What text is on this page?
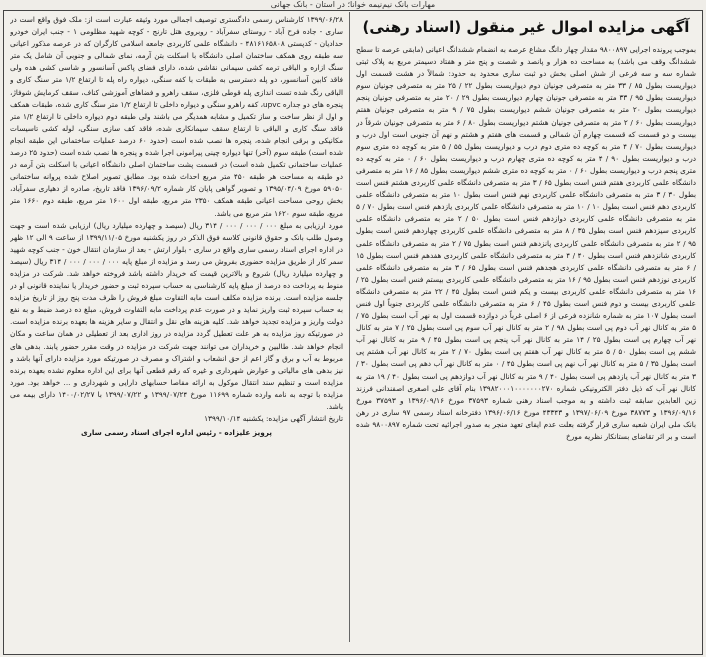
مهارات بانک نیم‌نیمه‌ خوانا؛ در استان - بانک جهانی
آگهی مزایده اموال غیر منقول (اسناد رهنی)

بموجب پرونده اجرایی ۹۸۰۰۸۹۷ مقدار چهار دانگ مشاع عرصه به انضمام ششدانگ اعیانی (مابقی عرصه تا سطح ششدانگ وقف می باشد) به مساحت ده هزار و پانصد و شصت و پنج متر و هفتاد دسیمتر مربع به پلاک ثبتی شماره سه و سه فرعی از شش اصلی بخش دو ثبت ساری محدود به حدود: شمالاً در هشت قسمت اول دیواریست بطول ۸۵ / ۳۳ متر به متصرفی جونیان دوم دیواریست بطول ۲۲ / ۲۵ متر به متصرفی جونیان سوم دیواریست بطول ۹۵ / ۳۳ متر به متصرفی جونیان چهارم دیواریست بطول ۲۹ / ۲۰ متر به متصرفی جونیان پنجم دیواریست بطول ۲۰ متر به متصرفی جونیان ششم دیواریست بطول ۷۵ / ۹ متر به متصرفی جونیان هفتم دیواریست بطول ۶۰ / ۲ متر به متصرفی جونیان هشتم دیواریست بطول ۸۰ / ۶ متر به متصرفی جونیان شرقاً در بیست و دو قسمت که قسمت چهارم آن شمالی و قسمت های هفتم و هشتم و نهم آن جنوبی است اول درب و دیواریست بطول ۷۰ / ۴ متر به کوچه ده متری دوم درب و دیواریست بطول ۵۵ / ۵ متر به کوچه ده متری سوم درب و دیواریست بطول ۹۰ / ۴ متر به کوچه ده متری چهارم درب و دیواریست بطول ۶۰ / ۰ متر به کوچه ده متری پنجم درب و دیواریست بطول ۶۰ / ۰ متر به کوچه ده متری ششم دیواریست بطول ۸۵ / ۱۶ متر به متصرفی دانشگاه علمی کاربردی هفتم فنس است بطول ۶۵ / ۳ متر به متصرفی دانشگاه علمی کاربردی هشتم فنس است بطول ۳۰ / ۳ متر به متصرفی دانشگاه علمی کاربردی نهم فنس است بطول ۱۰ متر به متصرفی دانشگاه علمی کاربردی دهم فنس است بطول ۱۰ / ۱۰ متر به متصرفی دانشگاه علمی کاربردی یازدهم فنس است بطول ۷۰ / ۵ متر به متصرفی دانشگاه علمی کاربردی دوازدهم فنس است بطول ۵۰ / ۲ متر به متصرفی دانشگاه علمی کاربردی سیزدهم فنس است بطول ۳۵ / ۸ متر به متصرفی دانشگاه علمی کاربردی چهاردهم فنس است بطول ۹۵ / ۲ متر به متصرفی دانشگاه علمی کاربردی پانزدهم فنس است بطول ۷۵ / ۲ متر به متصرفی دانشگاه علمی کاربردی شانزدهم فنس است بطول ۴۰ / ۴ متر به متصرفی دانشگاه علمی کاربردی هفدهم فنس است بطول ۱۵ / ۶ متر به متصرفی دانشگاه علمی کاربردی هجدهم فنس است بطول ۶۵ / ۳ متر به متصرفی دانشگاه علمی کاربردی نوزدهم فنس است بطول ۹۵ / ۱۶ متر به متصرفی دانشگاه علمی کاربردی بیستم فنس است بطول ۲۵ / ۱۶ متر به متصرفی دانشگاه علمی کاربردی بیست و یکم فنس است بطول ۴۵ / ۲۲ متر به متصرفی دانشگاه علمی کاربردی بیست و دوم فنس است بطول ۴۵ / ۶ متر به متصرفی دانشگاه علمی کاربردی جنوباً اول فنس است بطول ۱۰۷ متر به شماره شانزده فرعی از ۶ اصلی غرباً در دوازده قسمت اول به نهر آب است بطول ۷۵ / ۵ متر به کانال نهر آب دوم پی است بطول ۹۸ / ۲ متر به کانال نهر آب سوم پی است بطول ۲۵ / ۷ متر به کانال نهر آب چهارم پی است بطول ۲۵ / ۱۴ متر به کانال نهر آب پنجم پی است بطول ۴۵ / ۹ متر به کانال نهر آب ششم پی است بطول ۵۰ / ۵ متر به کانال نهر آب هفتم پی است بطول ۷۰ / ۲ متر به کانال نهر آب هشتم پی است بطول ۳۵ / ۵ متر به کانال نهر آب نهم پی است بطول ۴۵ / ۰ متر به کانال نهر آب دهم پی است بطول ۳۰ / ۳ متر به کانال نهر آب یازدهم پی است بطول ۴۰ / ۹ متر به کانال نهر آب دوازدهم پی است بطول ۴۰ / ۱۹ متر به کانال نهر آب که ذیل دفتر الکترونیکی شماره ۱۳۹۸۲۰۰۰۱۰۰۰۰۰۰۰۲۷۰ بنام آقای علی اصغری اصفندانی فرزند زین العابدین سابقه ثبت داشته و به موجب اسناد رهنی شماره ۳۷۵۹۳ مورخ ۱۳۹۶/۰۹/۱۶ و ۳۷۵۹۳ مورخ ۱۳۹۶/۰۹/۱۶ و ۳۸۷۷۳ مورخ ۱۳۹۷/۰۶/۰۹ و ۴۳۳۴۳ مورخ ۱۳۹۶/۰۶/۱۶ دفترخانه اسناد رسمی ۹۷ ساری در رهن بانک ملی ایران شعبه ساری قرار گرفته بعلت عدم ایفای تعهد منجر به صدور اجرائیه تحت شماره ۹۸۰۰۸۹۷ شده است و بر اثر تقاضای بستانکار نظریه مورخ

۱۳۹۹/۰۶/۲۸ کارشناس رسمی دادگستری توصیف اجمالی مورد وثیقه عبارت است از: ملک فوق واقع است در ساری - جاده فرح آباد - روستای سفرآباد - روبروی هتل تارنج - کوچه شهید مظلومی ۱ - جنب ایران خودرو حدادیان - کدپستی ۴۸۱۶۱۶۵۸۰۸ - دانشگاه علمی کاربردی جامعه اسلامی کارگران که در عرصه مذکور اعیانی سه طبقه روی همکف ساختمان اصلی دانشگاه با اسکلت بتن آرمه، نمای شمالی و جنوبی آن شامل یک متر سنگ ازاره و الباقی ترمه کشی سیمانی نقاشی شده، دارای فضای پاکس آسانسور و شاسی کشی هده ولی فاقد کابین آسانسور، دو پله دسترسی به طبقات با کفه سنگی، دیواره راه پله تا ارتفاع ۱/۲ متر سنگ کاری و الباقی رنگ شده تست اندازی پله قوطی فلزی، سقف راهرو و فضاهای آموزشی کناف، سقف کرمایش شوفاژ، پنجره های دو جداره upvc، کفه راهرو سنگی و دیواره داخلی تا ارتفاع ۱/۲ متر سنگ کاری شده، طبقات همکف و اول از نظر ساخت و ساز تکمیل و مشابه همدیگر می باشند ولی طبقه دوم دیواره داخلی تا ارتفاع ۱/۲ متر فاقد سنگ کاری و الباقی تا ارتفاع سقف سیمانکاری شده، فاقد کف سازی سنگی، لوله کشی تاسیسات مکانیکی و برقی انجام شده، پنجره ها نصب شده است (حدود ۶۰ درصد عملیات ساختمانی این طبقه انجام شده است) طبقه سوم (آخر) تنها دیواره چینی پیرامونی اجرا شده و پنجره ها نصب شده است (حدود ۲۵ درصد عملیات ساختمانی تکمیل شده است) در قسمت پشت ساختمان اصلی دانشگاه اعیانی با اسکلت بتن آرمه در دو طبقه به مساحت هر طبقه ۴۵۰ متر مربع احداث شده بود. مطابق تصویر اصلاح شده پروانه ساختمانی ۵۹۰۵۰ مورخ ۱۳۹۵/۰۴/۰۹ و تصویر گواهی پایان کار شماره ۱۳۹۶/۰۹/۲ فاقد تاریخ، صادره از دهیاری سفرآباد، بخش روحی مساحت اعیانی طبقه همکف ۲۳۵۰ متر مربع، طبقه اول ۱۶۰۰ متر مربع، طبقه دوم ۱۶۶۰ متر مربع، طبقه سوم ۱۶۲۰ متر مربع می باشد.

مورد ارزیابی به مبلغ ۰۰۰ / ۰۰۰ / ۰۰۰ / ۳۱۴ ریال (سیصد و چهارده میلیارد ریال) ارزیابی شده است و جهت وصول طلب بانک و حقوق قانونی کلاسه فوق الذکر در روز یکشنبه مورخ ۱۳۹۹/۱۱/۰۵ از ساعت ۹ الی ۱۲ ظهر در اداره اجرای اسناد رسمی ساری واقع در ساری - بلوار ارتش - بعد از سازمان انتقال خون - جنب کوچه شهید سمر کار از طریق مزایده حضوری بفروش می رسد و مزایده از مبلغ پایه ۰۰۰ / ۰۰۰ / ۰۰۰ / ۳۱۴ ریال (سیصد و چهارده میلیارد ریال) شروع و بالاترین قیمت که خریدار داشته باشد فروخته خواهد شد. شرکت در مزایده منوط به پرداخت ده درصد از مبلغ پایه کارشناسی به حساب سپرده ثبت و حضور خریدار یا نماینده قانونی او در جلسه مزایده است. برنده مزایده مکلف است مابه التفاوت مبلغ فروش را ظرف مدت پنج روز از تاریخ مزایده به حساب سپرده ثبت واریز نماید و در صورت عدم پرداخت مابه التفاوت فروش، مبلغ ده درصد ضبط و به نفع دولت واریز و مزایده تجدید خواهد شد. کلیه هزینه های نقل و انتقال و سایر هزینه ها بعهده برنده مزایده است. در صورتیکه روز مزایده به هر علت تعطیل گردد مزایده در روز اداری بعد از تعطیلی در همان ساعت و مکان انجام خواهد شد. طالبین و خریداران می توانند جهت شرکت در مزایده در وقت مقرر حضور یابند. بدهی های مربوط به آب و برق و گاز اعم از حق انشعاب و اشتراک و مصرف در صورتیکه مورد مزایده دارای آنها باشد و نیز بدهی های مالیاتی و عوارض شهرداری و غیره که رقم قطعی آنها برای این اداره معلوم نشده بعهده برنده مزایده است و تنظیم سند انتقال موکول به ارائه مفاصا حسابهای دارایی و شهرداری و ... خواهد بود. مورد مزایده با توجه به نامه وارده شماره ۱۱۶۹۹ مورخ ۱۳۹۹/۰۷/۲۴ و ۱۳۹۹/۰۷/۲۲ با ۱۴۰۰/۰۲/۲۷ دارای بیمه می باشد.

تاریخ انتشار آگهی مزایده: یکشنبه ۱۳۹۹/۱۰/۱۴

پرویز علیزاده - رئیس اداره اجرای اسناد رسمی ساری
